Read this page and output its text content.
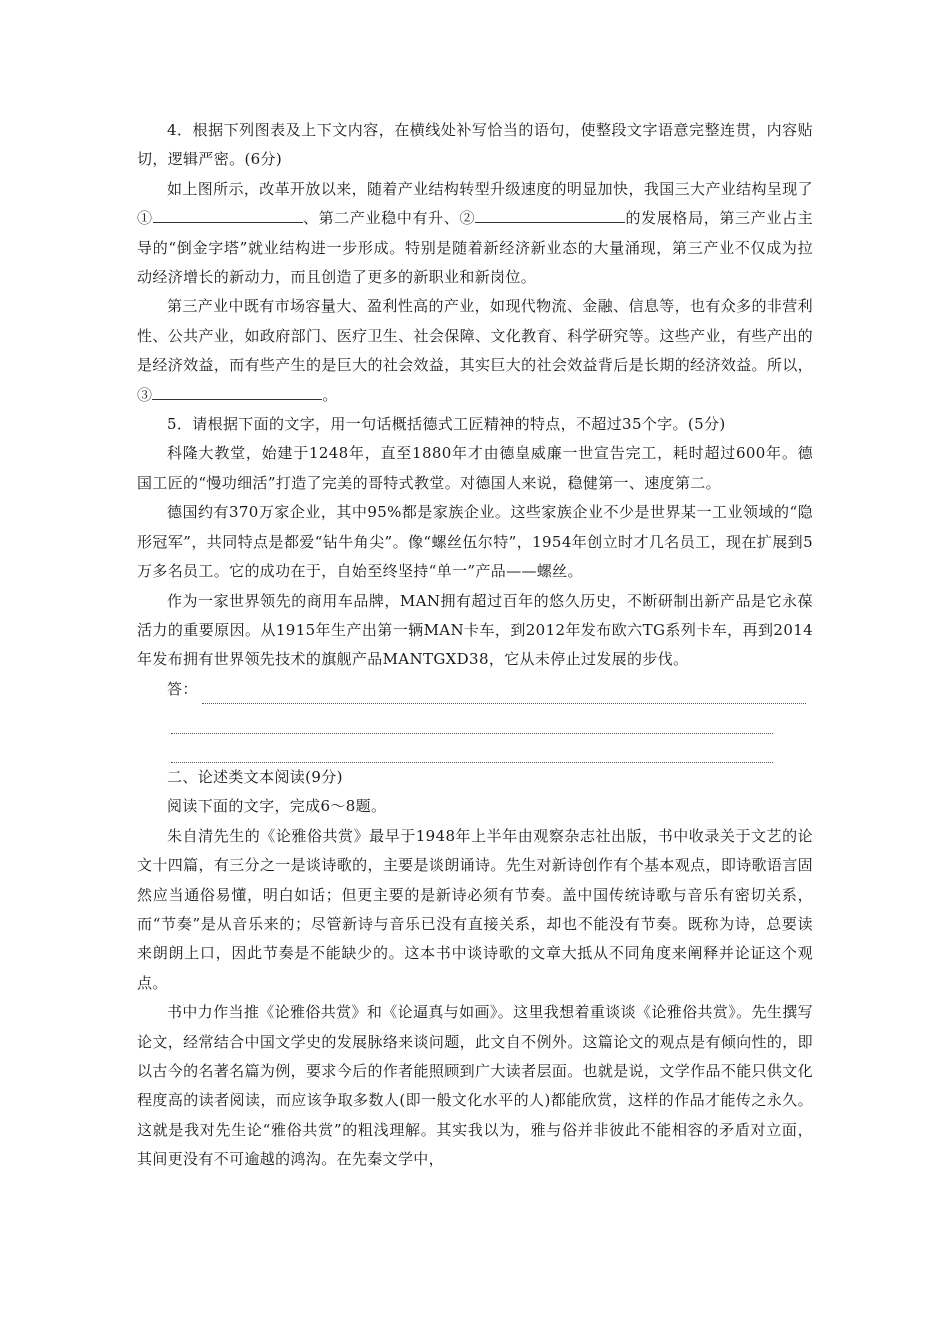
4．根据下列图表及上下文内容，在横线处补写恰当的语句，使整段文字语意完整连贯，内容贴切，逻辑严密。(6分)

如上图所示，改革开放以来，随着产业结构转型升级速度的明显加快，我国三大产业结构呈现了①	、第二产业稳中有升、②	的发展格局，第三产业占主导的“倒金字塔”就业结构进一步形成。特别是随着新经济新业态的大量涌现，第三产业不仅成为拉动经济增长的新动力，而且创造了更多的新职业和新岗位。

第三产业中既有市场容量大、盈利性高的产业，如现代物流、金融、信息等，也有众多的非营利性、公共产业，如政府部门、医疗卫生、社会保障、文化教育、科学研究等。这些产业，有些产出的是经济效益，而有些产生的是巨大的社会效益，其实巨大的社会效益背后是长期的经济效益。所以，③	。

5．请根据下面的文字，用一句话概括德式工匠精神的特点，不超过35个字。(5分)

科隆大教堂，始建于1248年，直至1880年才由德皇威廉一世宣告完工，耗时超过600年。德国工匠的“慢功细活”打造了完美的哥特式教堂。对德国人来说，稳健第一、速度第二。

德国约有370万家企业，其中95%都是家族企业。这些家族企业不少是世界某一工业领域的“隐形冠军”，共同特点是都爱“钻牛角尖”。像“螺丝伍尔特”，1954年创立时才几名员工，现在扩展到5万多名员工。它的成功在于，自始至终坚持“单一”产品——螺丝。

作为一家世界领先的商用车品牌，MAN拥有超过百年的悠久历史，不断研制出新产品是它永葆活力的重要原因。从1915年生产出第一辆MAN卡车，到2012年发布欧六TG系列卡车，再到2014年发布拥有世界领先技术的旗舰产品MANTGXD38，它从未停止过发展的步伐。

答：

二、论述类文本阅读(9分)

阅读下面的文字，完成6～8题。

朱自清先生的《论雅俗共赏》最早于1948年上半年由观察杂志社出版，书中收录关于文艺的论文十四篇，有三分之一是谈诗歌的，主要是谈朗诵诗。先生对新诗创作有个基本观点，即诗歌语言固然应当通俗易懂，明白如话；但更主要的是新诗必须有节奏。盖中国传统诗歌与音乐有密切关系，而“节奏”是从音乐来的；尽管新诗与音乐已没有直接关系，却也不能没有节奏。既称为诗，总要读来朗朗上口，因此节奏是不能缺少的。这本书中谈诗歌的文章大抵从不同角度来阐释并论证这个观点。

书中力作当推《论雅俗共赏》和《论逼真与如画》。这里我想着重谈谈《论雅俗共赏》。先生撰写论文，经常结合中国文学史的发展脉络来谈问题，此文自不例外。这篇论文的观点是有倾向性的，即以古今的名著名篇为例，要求今后的作者能照顾到广大读者层面。也就是说，文学作品不能只供文化程度高的读者阅读，而应该争取多数人(即一般文化水平的人)都能欣赏，这样的作品才能传之永久。这就是我对先生论“雅俗共赏”的粗浅理解。其实我以为，雅与俗并非彼此不能相容的矛盾对立面，其间更没有不可逾越的鸿沟。在先秦文学中，
